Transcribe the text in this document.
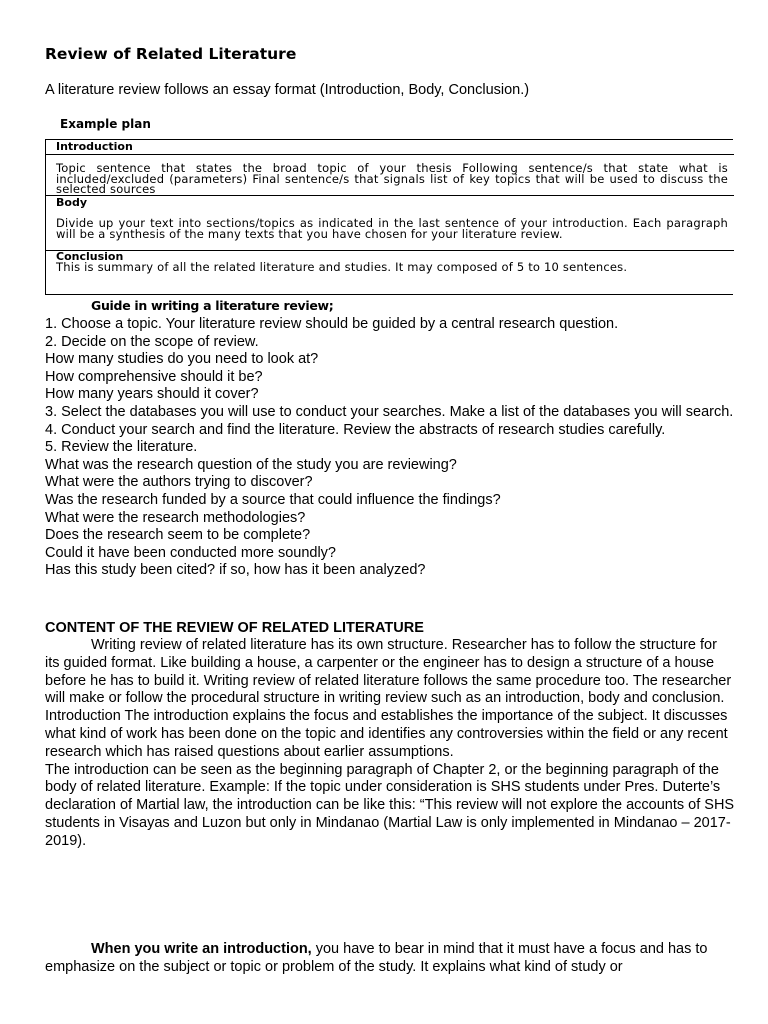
Review of Related Literature
A literature review follows an essay format (Introduction, Body, Conclusion.)
Example plan
Introduction
Topic sentence that states the broad topic of your thesis Following sentence/s that state what is included/excluded (parameters) Final sentence/s that signals list of key topics that will be used to discuss the selected sources
Body
Divide up your text into sections/topics as indicated in the last sentence of your introduction. Each paragraph will be a synthesis of the many texts that you have chosen for your literature review.
Conclusion
This is summary of all the related literature and studies. It may composed of 5 to 10 sentences.
Guide in writing a literature review;
1. Choose a topic. Your literature review should be guided by a central research question.
2. Decide on the scope of review.
How many studies do you need to look at?
How comprehensive should it be?
How many years should it cover?
3. Select the databases you will use to conduct your searches. Make a list of the databases you will search.
4. Conduct your search and find the literature. Review the abstracts of research studies carefully.
5. Review the literature.
What was the research question of the study you are reviewing?
What were the authors trying to discover?
Was the research funded by a source that could influence the findings?
What were the research methodologies?
Does the research seem to be complete?
Could it have been conducted more soundly?
Has this study been cited? if so, how has it been analyzed?
CONTENT OF THE REVIEW OF RELATED LITERATURE

Writing review of related literature has its own structure. Researcher has to follow the structure for its guided format. Like building a house, a carpenter or the engineer has to design a structure of a house before he has to build it. Writing review of related literature follows the same procedure too. The researcher will make or follow the procedural structure in writing review such as an introduction, body and conclusion.

Introduction The introduction explains the focus and establishes the importance of the subject. It discusses what kind of work has been done on the topic and identifies any controversies within the field or any recent research which has raised questions about earlier assumptions.

The introduction can be seen as the beginning paragraph of Chapter 2, or the beginning paragraph of the body of related literature. Example: If the topic under consideration is SHS students under Pres. Duterte’s declaration of Martial law, the introduction can be like this: “This review will not explore the accounts of SHS students in Visayas and Luzon but only in Mindanao (Martial Law is only implemented in Mindanao – 2017- 2019).

When you write an introduction, you have to bear in mind that it must have a focus and has to emphasize on the subject or topic or problem of the study. It explains what kind of study or
